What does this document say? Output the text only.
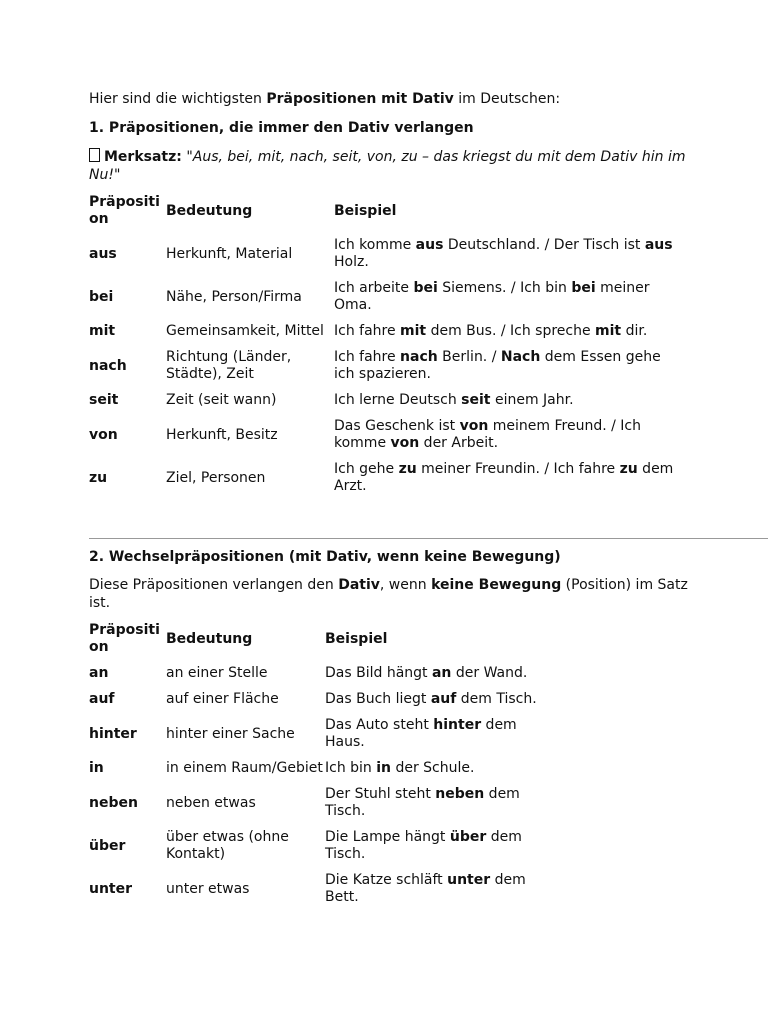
Hier sind die wichtigsten Präpositionen mit Dativ im Deutschen:

1. Präpositionen, die immer den Dativ verlangen

Merksatz: "Aus, bei, mit, nach, seit, von, zu – das kriegst du mit dem Dativ hin im Nu!"

Präpositi on	Bedeutung	Beispiel
aus	Herkunft, Material	Ich komme aus Deutschland. / Der Tisch ist aus Holz.
bei	Nähe, Person/Firma	Ich arbeite bei Siemens. / Ich bin bei meiner Oma.
mit	Gemeinsamkeit, Mittel	Ich fahre mit dem Bus. / Ich spreche mit dir.
nach	Richtung (Länder, Städte), Zeit	Ich fahre nach Berlin. / Nach dem Essen gehe ich spazieren.
seit	Zeit (seit wann)	Ich lerne Deutsch seit einem Jahr.
von	Herkunft, Besitz	Das Geschenk ist von meinem Freund. / Ich komme von der Arbeit.
zu	Ziel, Personen	Ich gehe zu meiner Freundin. / Ich fahre zu dem Arzt.

2. Wechselpräpositionen (mit Dativ, wenn keine Bewegung)

Diese Präpositionen verlangen den Dativ, wenn keine Bewegung (Position) im Satz ist.

Präpositi on	Bedeutung	Beispiel
an	an einer Stelle	Das Bild hängt an der Wand.
auf	auf einer Fläche	Das Buch liegt auf dem Tisch.
hinter	hinter einer Sache	Das Auto steht hinter dem Haus.
in	in einem Raum/Gebiet	Ich bin in der Schule.
neben	neben etwas	Der Stuhl steht neben dem Tisch.
über	über etwas (ohne Kontakt)	Die Lampe hängt über dem Tisch.
unter	unter etwas	Die Katze schläft unter dem Bett.
